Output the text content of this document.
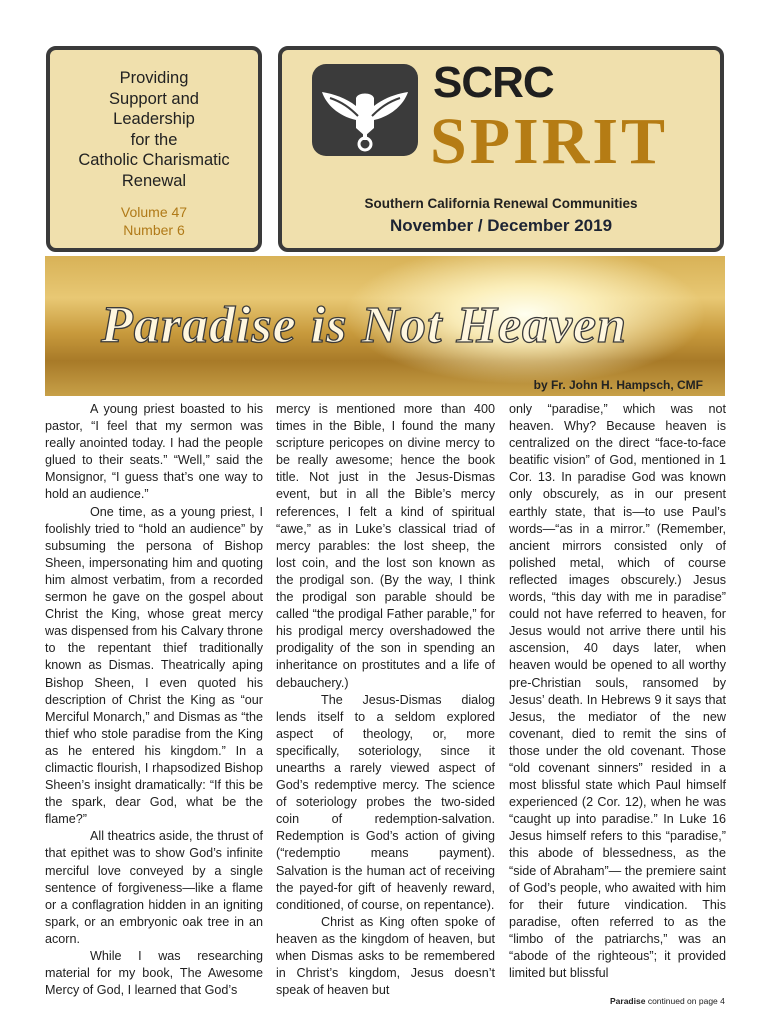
Providing
Support and
Leadership
for the
Catholic Charismatic
Renewal
Volume 47
Number 6
SCRC
SPIRIT
Southern California Renewal Communities
November / December 2019
Paradise is Not Heaven
by Fr. John H. Hampsch, CMF

A young priest boasted to his pastor, “I feel that my sermon was really anointed today. I had the people glued to their seats.” “Well,” said the Monsignor, “I guess that’s one way to hold an audience.”

One time, as a young priest, I foolishly tried to “hold an audience” by subsuming the persona of Bishop Sheen, impersonating him and quoting him almost verbatim, from a recorded sermon he gave on the gospel about Christ the King, whose great mercy was dispensed from his Calvary throne to the repentant thief traditionally known as Dismas. Theatrically aping Bishop Sheen, I even quoted his description of Christ the King as “our Merciful Monarch,” and Dismas as “the thief who stole paradise from the King as he entered his kingdom.” In a climactic flourish, I rhapsodized Bishop Sheen’s insight dramatically: “If this be the spark, dear God, what be the flame?”

All theatrics aside, the thrust of that epithet was to show God’s infinite merciful love conveyed by a single sentence of forgiveness—like a flame or a conflagration hidden in an igniting spark, or an embryonic oak tree in an acorn.

While I was researching material for my book, The Awesome Mercy of God, I learned that God’s

mercy is mentioned more than 400 times in the Bible, I found the many scripture pericopes on divine mercy to be really awesome; hence the book title. Not just in the Jesus-Dismas event, but in all the Bible’s mercy references, I felt a kind of spiritual “awe,” as in Luke’s classical triad of mercy parables: the lost sheep, the lost coin, and the lost son known as the prodigal son. (By the way, I think the prodigal son parable should be called “the prodigal Father parable,” for his prodigal mercy overshadowed the prodigality of the son in spending an inheritance on prostitutes and a life of debauchery.)

The Jesus-Dismas dialog lends itself to a seldom explored aspect of theology, or, more specifically, soteriology, since it unearths a rarely viewed aspect of God’s redemptive mercy. The science of soteriology probes the two-sided coin of redemption-salvation. Redemption is God’s action of giving (“redemptio means payment). Salvation is the human act of receiving the payed-for gift of heavenly reward, conditioned, of course, on repentance).

Christ as King often spoke of heaven as the kingdom of heaven, but when Dismas asks to be remembered in Christ’s kingdom, Jesus doesn’t speak of heaven but

only “paradise,” which was not heaven. Why? Because heaven is centralized on the direct “face-to-face beatific vision” of God, mentioned in 1 Cor. 13. In paradise God was known only obscurely, as in our present earthly state, that is—to use Paul’s words—“as in a mirror.” (Remember, ancient mirrors consisted only of polished metal, which of course reflected images obscurely.) Jesus words, “this day with me in paradise” could not have referred to heaven, for Jesus would not arrive there until his ascension, 40 days later, when heaven would be opened to all worthy pre-Christian souls, ransomed by Jesus’ death. In Hebrews 9 it says that Jesus, the mediator of the new covenant, died to remit the sins of those under the old covenant. Those “old covenant sinners” resided in a most blissful state which Paul himself experienced (2 Cor. 12), when he was “caught up into paradise.” In Luke 16 Jesus himself refers to this “paradise,” this abode of blessedness, as the “side of Abraham”— the premiere saint of God’s people, who awaited with him for their future vindication. This paradise, often referred to as the “limbo of the patriarchs,” was an “abode of the righteous”; it provided limited but blissful

Paradise continued on page 4
